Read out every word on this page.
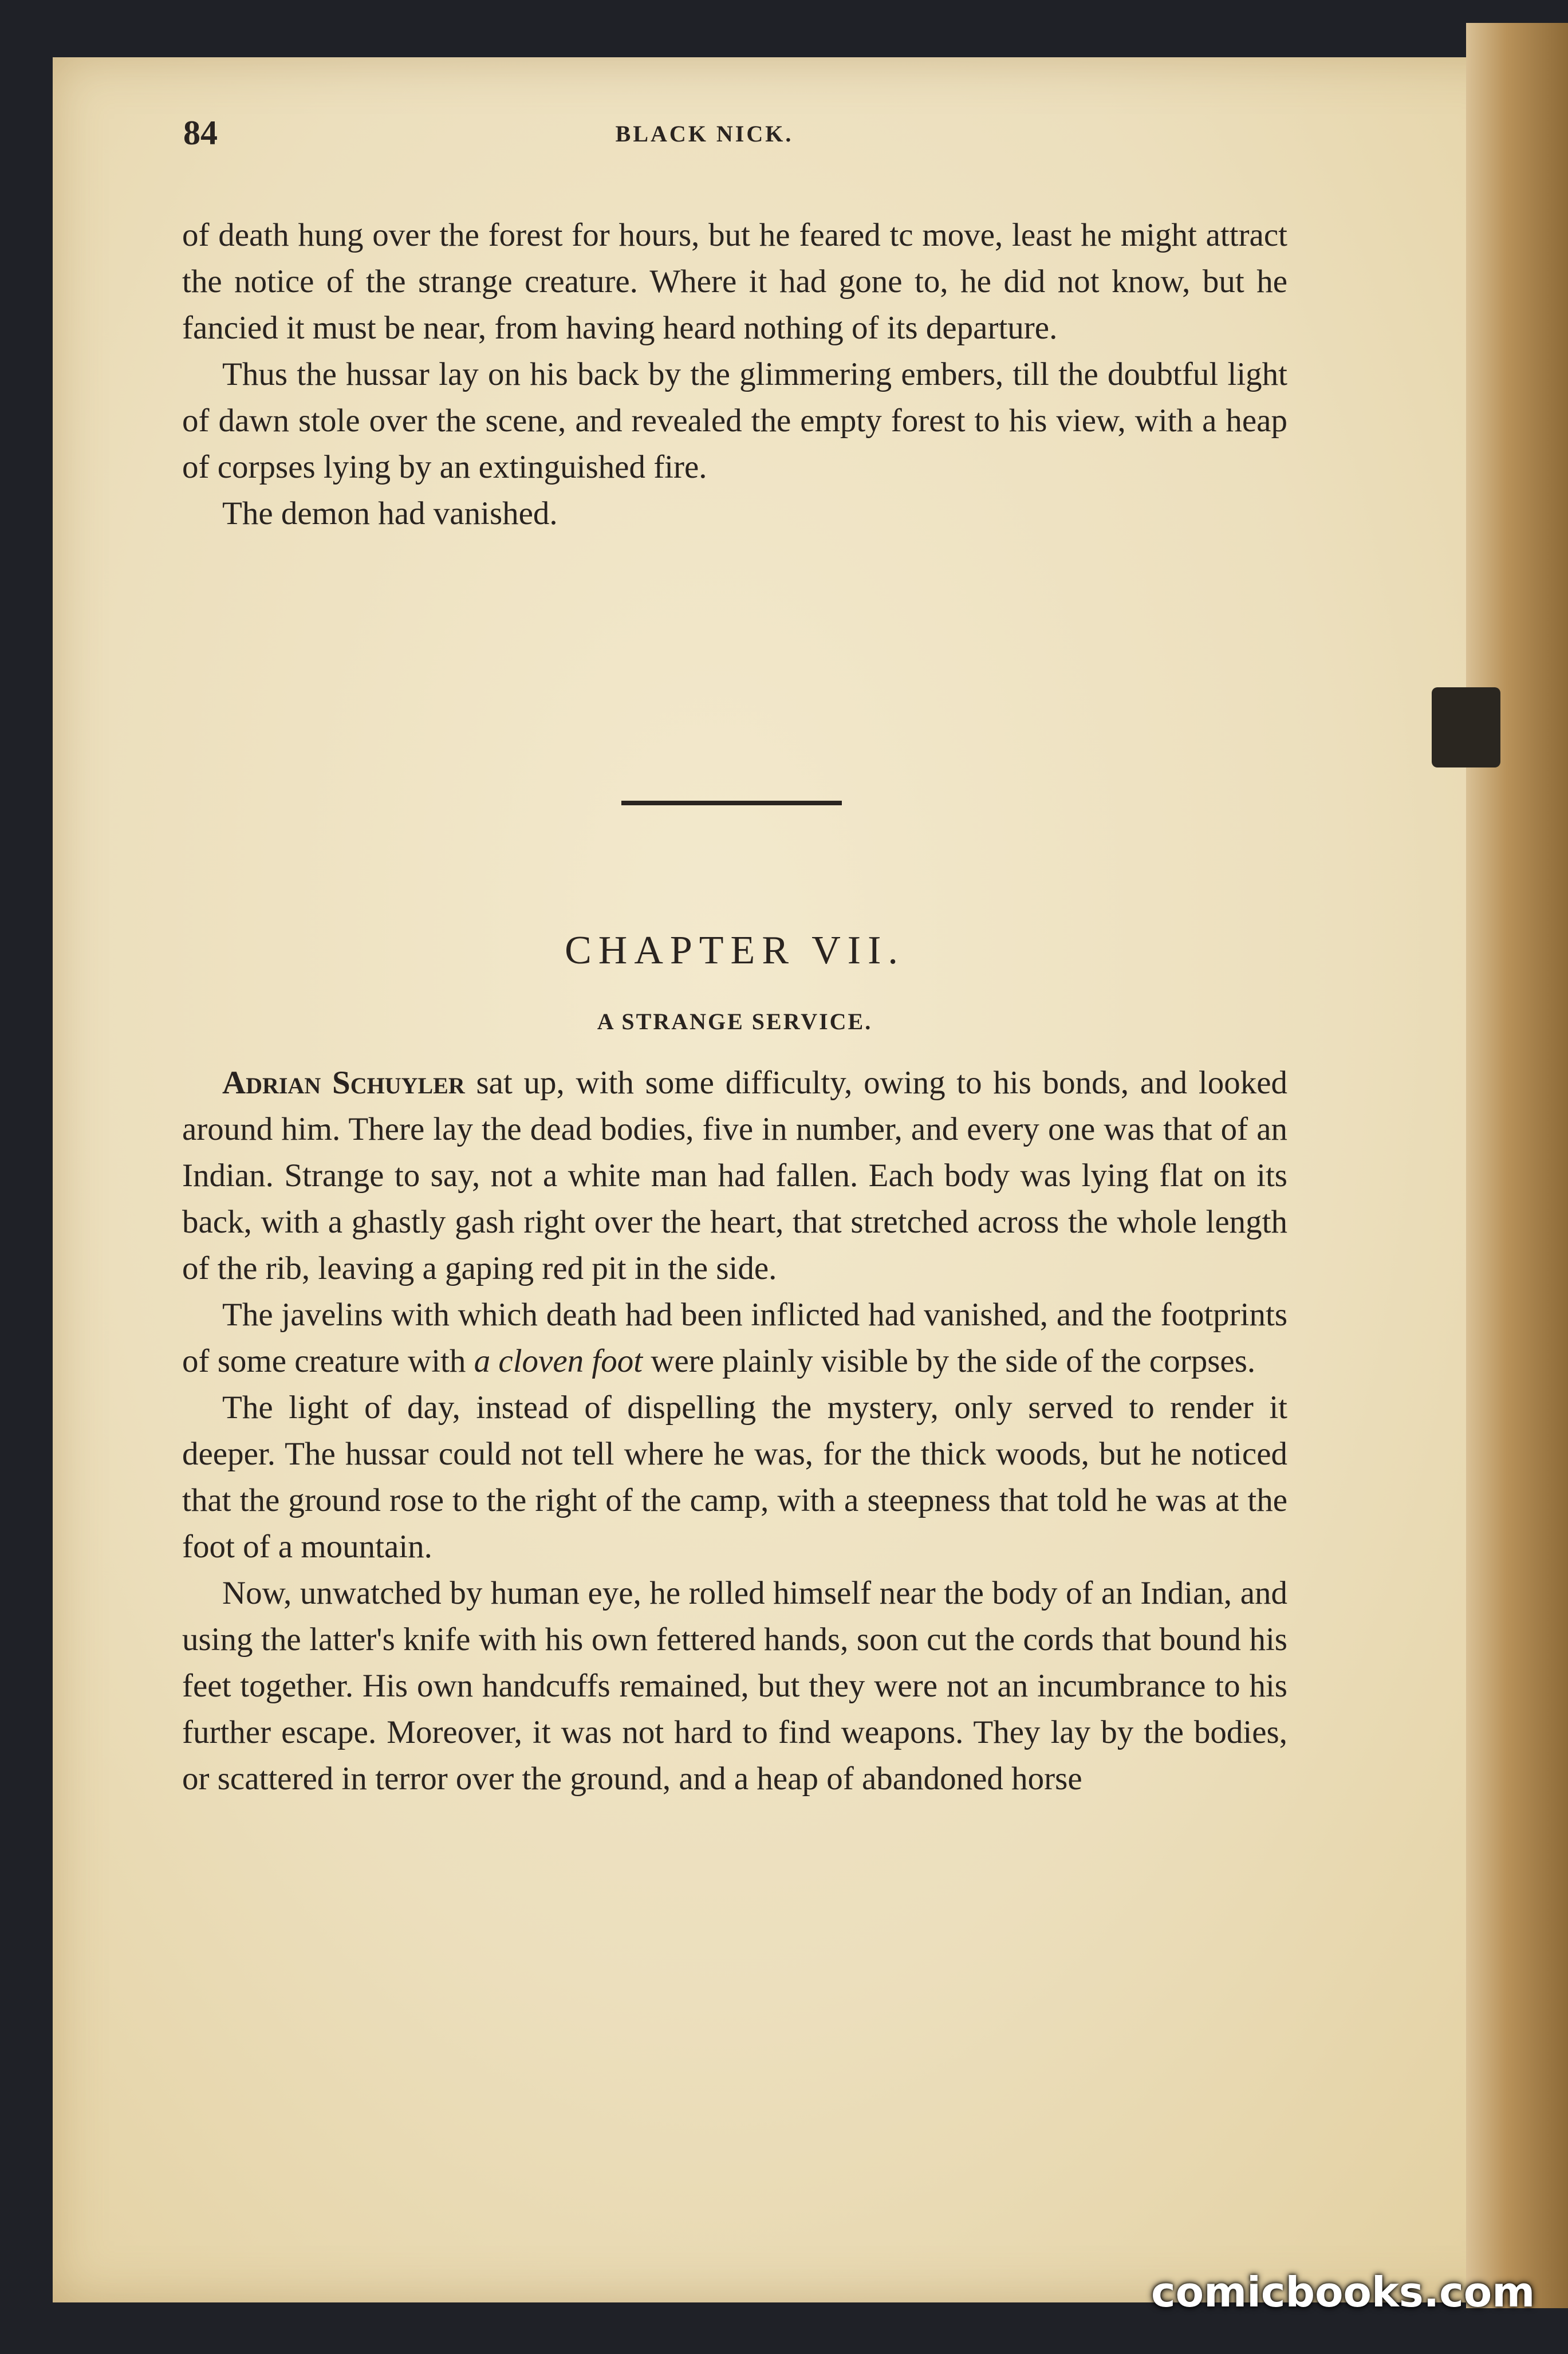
84	BLACK NICK.

of death hung over the forest for hours, but he feared tc move, least he might attract the notice of the strange creature. Where it had gone to, he did not know, but he fancied it must be near, from having heard nothing of its departure.

Thus the hussar lay on his back by the glimmering embers, till the doubtful light of dawn stole over the scene, and revealed the empty forest to his view, with a heap of corpses lying by an extinguished fire.

The demon had vanished.

CHAPTER VII.
A STRANGE SERVICE.

Adrian Schuyler sat up, with some difficulty, owing to his bonds, and looked around him. There lay the dead bodies, five in number, and every one was that of an Indian. Strange to say, not a white man had fallen. Each body was lying flat on its back, with a ghastly gash right over the heart, that stretched across the whole length of the rib, leaving a gaping red pit in the side.

The javelins with which death had been inflicted had vanished, and the footprints of some creature with a cloven foot were plainly visible by the side of the corpses.

The light of day, instead of dispelling the mystery, only served to render it deeper. The hussar could not tell where he was, for the thick woods, but he noticed that the ground rose to the right of the camp, with a steepness that told he was at the foot of a mountain.

Now, unwatched by human eye, he rolled himself near the body of an Indian, and using the latter's knife with his own fettered hands, soon cut the cords that bound his feet together. His own handcuffs remained, but they were not an incumbrance to his further escape. Moreover, it was not hard to find weapons. They lay by the bodies, or scattered in terror over the ground, and a heap of abandoned horse

comicbooks.com
